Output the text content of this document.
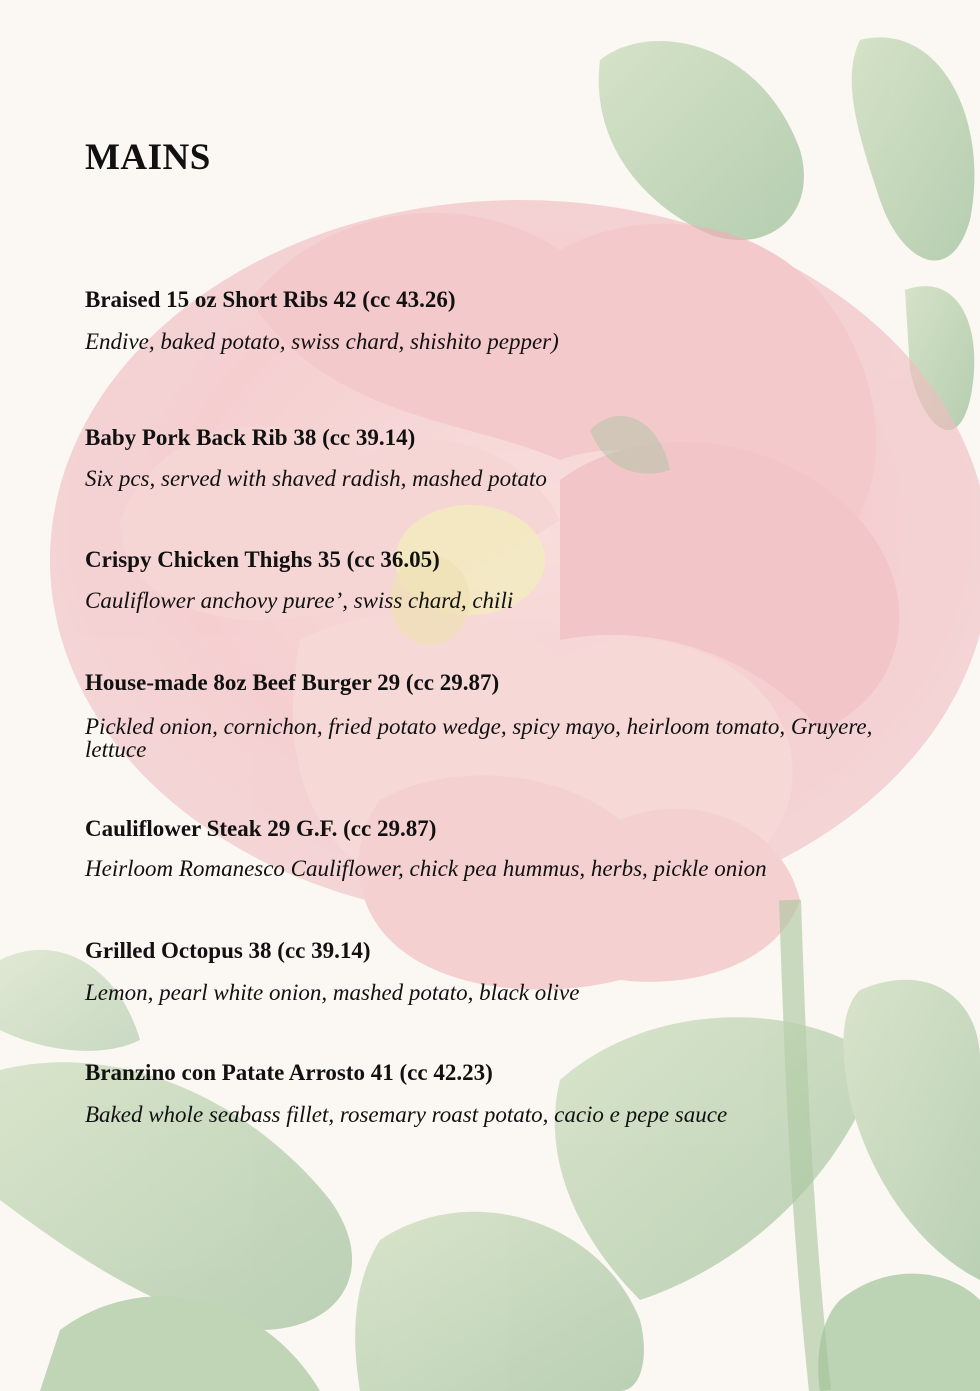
MAINS

Braised 15 oz Short Ribs 42 (cc 43.26)

Endive, baked potato, swiss chard, shishito pepper)

Baby Pork Back Rib 38 (cc 39.14)

Six pcs, served with shaved radish, mashed potato

Crispy Chicken Thighs 35 (cc 36.05)

Cauliflower anchovy puree’, swiss chard, chili

House-made 8oz Beef Burger 29 (cc 29.87)

Pickled onion, cornichon, fried potato wedge, spicy mayo, heirloom tomato, Gruyere, lettuce

Cauliflower Steak 29 G.F. (cc 29.87)

Heirloom Romanesco Cauliflower, chick pea hummus, herbs, pickle onion

Grilled Octopus 38 (cc 39.14)

Lemon, pearl white onion, mashed potato, black olive

Branzino con Patate Arrosto 41 (cc 42.23)

Baked whole seabass fillet, rosemary roast potato, cacio e pepe sauce
